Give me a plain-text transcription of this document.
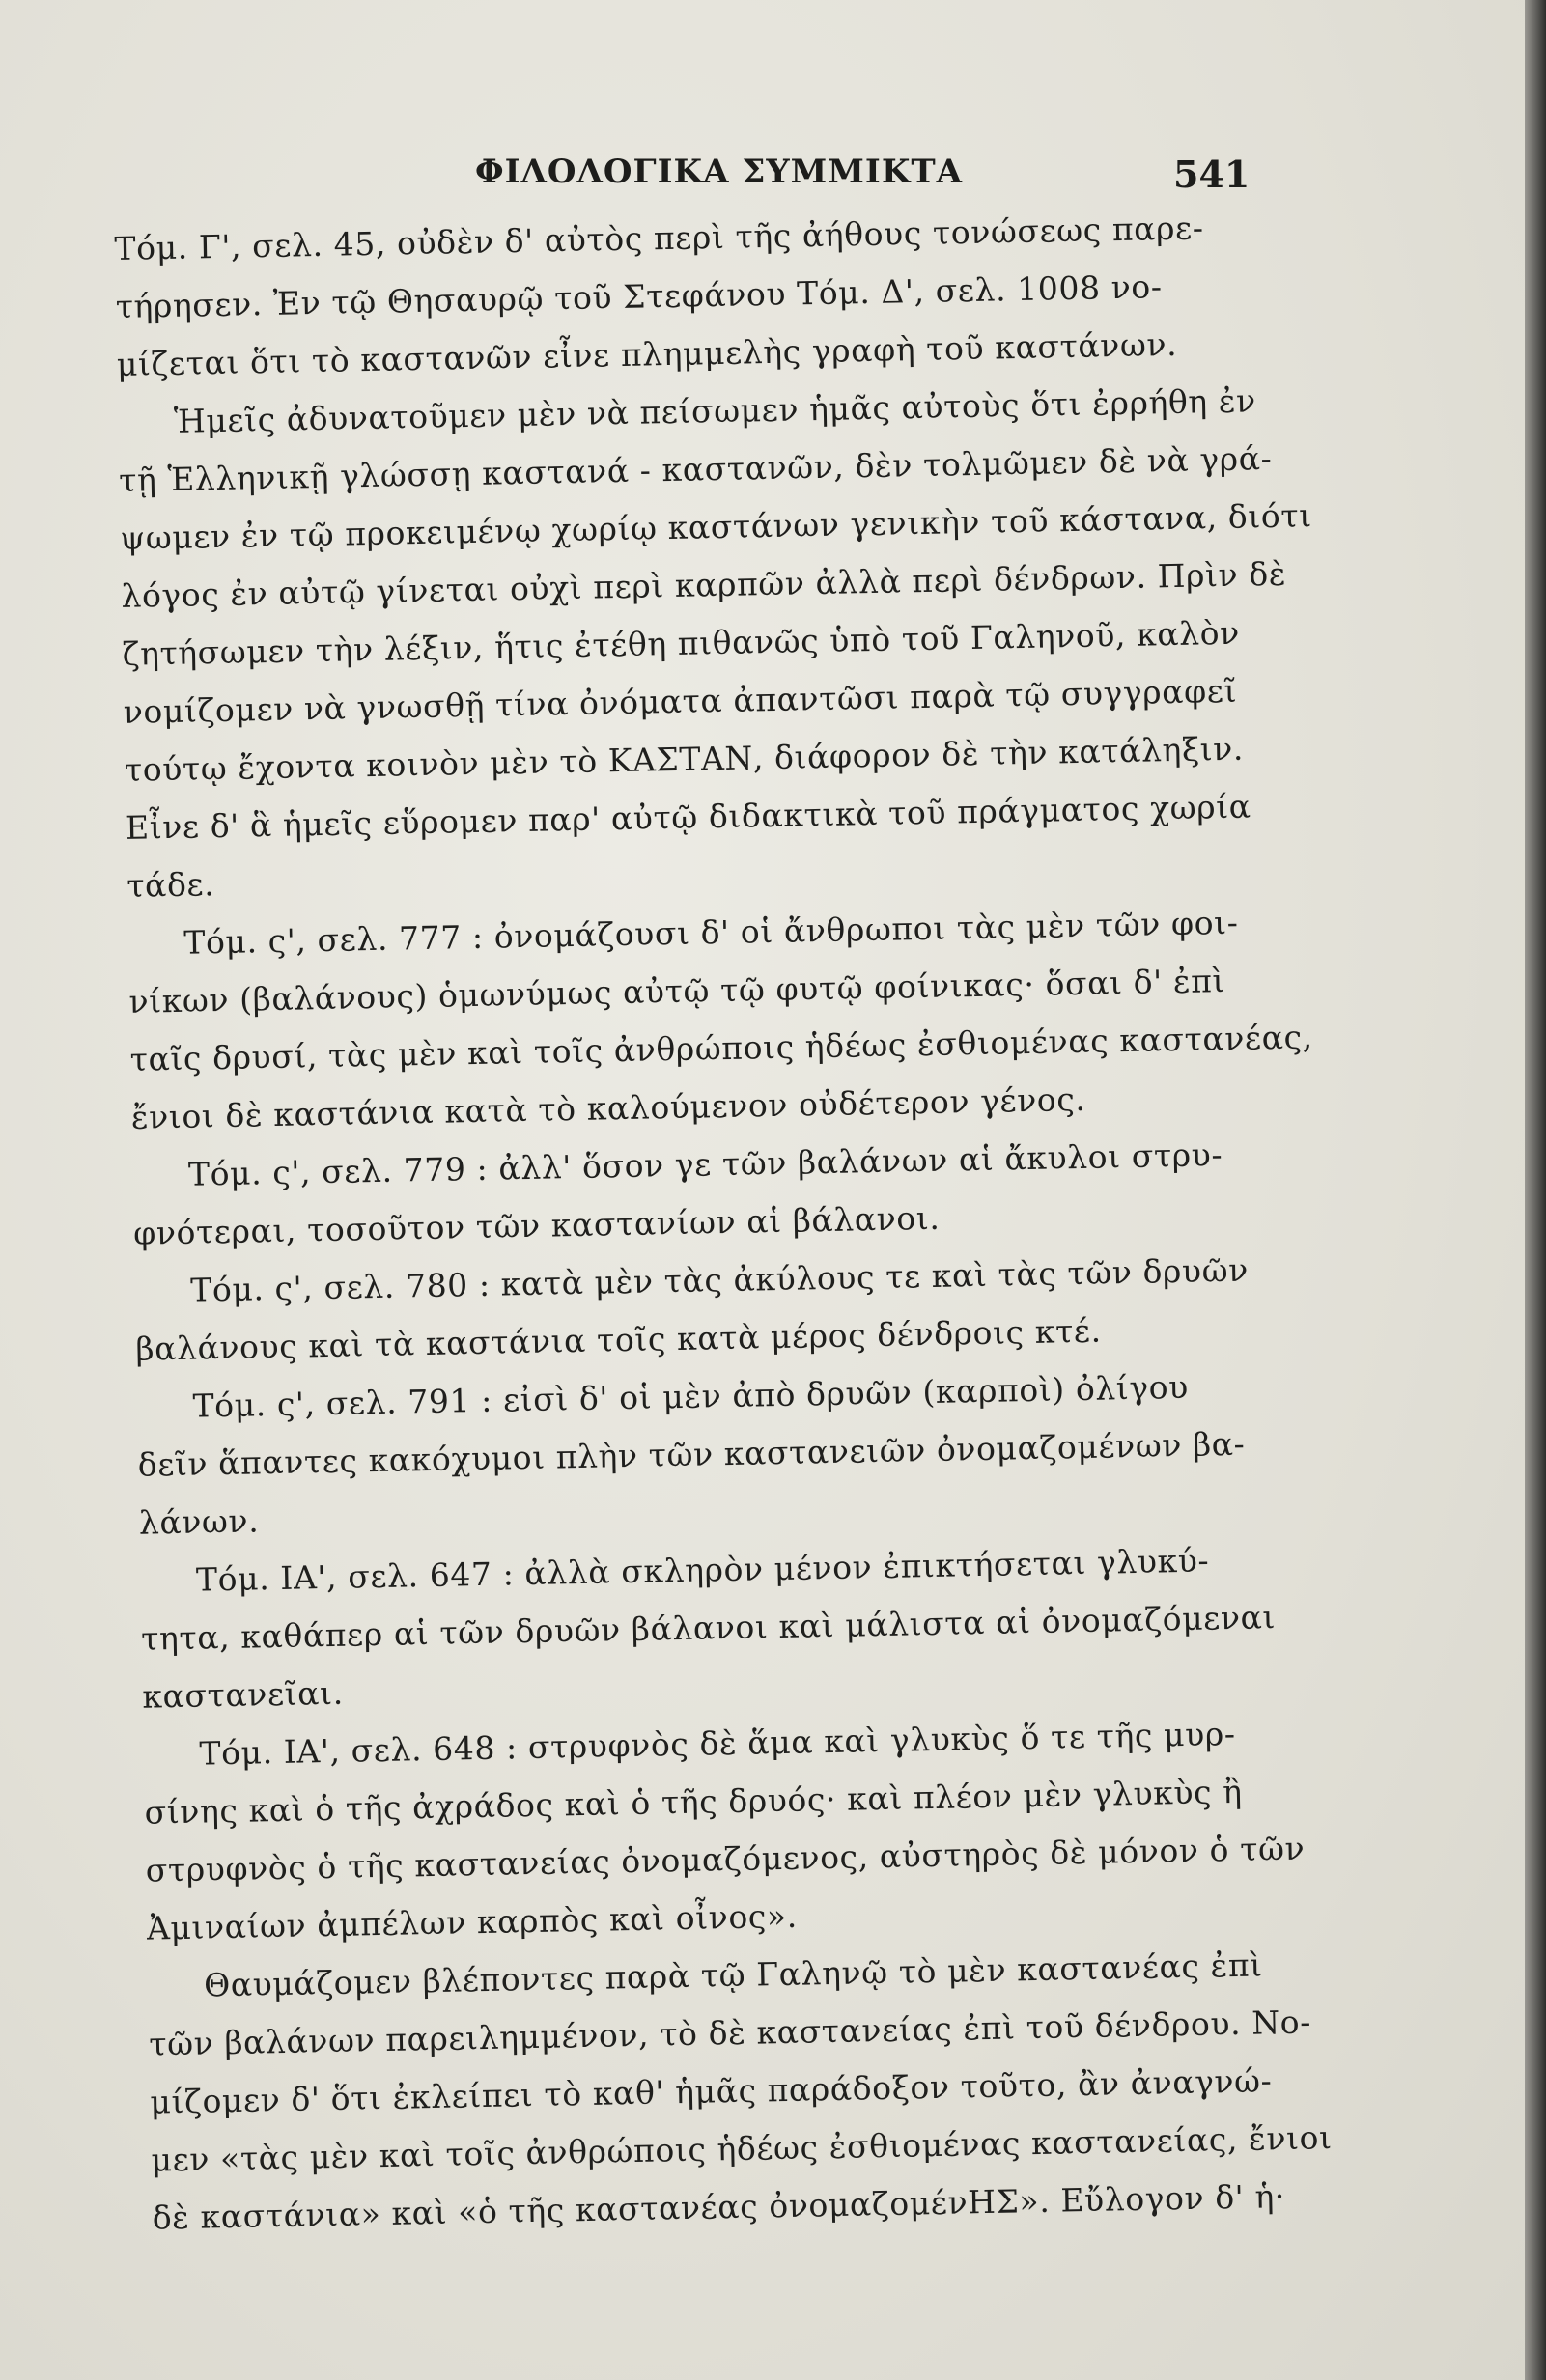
ΦΙΛΟΛΟΓΙΚΑ ΣΥΜΜΙΚΤΑ	541
Τόμ. Γ', σελ. 45, οὐδὲν δ' αὐτὸς περὶ τῆς ἀήθους τονώσεως παρε-
τήρησεν. Ἐν τῷ Θησαυρῷ τοῦ Στεφάνου Τόμ. Δ', σελ. 1008 νο-
μίζεται ὅτι τὸ καστανῶν εἶνε πλημμελὴς γραφὴ τοῦ καστάνων.
Ἡμεῖς ἀδυνατοῦμεν μὲν νὰ πείσωμεν ἡμᾶς αὐτοὺς ὅτι ἐρρήθη ἐν
τῇ Ἑλληνικῇ γλώσσῃ καστανά - καστανῶν, δὲν τολμῶμεν δὲ νὰ γρά-
ψωμεν ἐν τῷ προκειμένῳ χωρίῳ καστάνων γενικὴν τοῦ κάστανα, διότι
λόγος ἐν αὐτῷ γίνεται οὐχὶ περὶ καρπῶν ἀλλὰ περὶ δένδρων. Πρὶν δὲ
ζητήσωμεν τὴν λέξιν, ἥτις ἐτέθη πιθανῶς ὑπὸ τοῦ Γαληνοῦ, καλὸν
νομίζομεν νὰ γνωσθῇ τίνα ὀνόματα ἀπαντῶσι παρὰ τῷ συγγραφεῖ
τούτῳ ἔχοντα κοινὸν μὲν τὸ ΚΑΣΤΑΝ, διάφορον δὲ τὴν κατάληξιν.
Εἶνε δ' ἃ ἡμεῖς εὕρομεν παρ' αὐτῷ διδακτικὰ τοῦ πράγματος χωρία
τάδε.
Τόμ. ς', σελ. 777 : ὀνομάζουσι δ' οἱ ἄνθρωποι τὰς μὲν τῶν φοι-
νίκων (βαλάνους) ὁμωνύμως αὐτῷ τῷ φυτῷ φοίνικας· ὅσαι δ' ἐπὶ
ταῖς δρυσί, τὰς μὲν καὶ τοῖς ἀνθρώποις ἡδέως ἐσθιομένας καστανέας,
ἔνιοι δὲ καστάνια κατὰ τὸ καλούμενον οὐδέτερον γένος.
Τόμ. ς', σελ. 779 : ἀλλ' ὅσον γε τῶν βαλάνων αἱ ἄκυλοι στρυ-
φνότεραι, τοσοῦτον τῶν καστανίων αἱ βάλανοι.
Τόμ. ς', σελ. 780 : κατὰ μὲν τὰς ἀκύλους τε καὶ τὰς τῶν δρυῶν
βαλάνους καὶ τὰ καστάνια τοῖς κατὰ μέρος δένδροις κτέ.
Τόμ. ς', σελ. 791 : εἰσὶ δ' οἱ μὲν ἀπὸ δρυῶν (καρποὶ) ὀλίγου
δεῖν ἅπαντες κακόχυμοι πλὴν τῶν καστανειῶν ὀνομαζομένων βα-
λάνων.
Τόμ. ΙΑ', σελ. 647 : ἀλλὰ σκληρὸν μένον ἐπικτήσεται γλυκύ-
τητα, καθάπερ αἱ τῶν δρυῶν βάλανοι καὶ μάλιστα αἱ ὀνομαζόμεναι
καστανεῖαι.
Τόμ. ΙΑ', σελ. 648 : στρυφνὸς δὲ ἅμα καὶ γλυκὺς ὅ τε τῆς μυρ-
σίνης καὶ ὁ τῆς ἀχράδος καὶ ὁ τῆς δρυός· καὶ πλέον μὲν γλυκὺς ἢ
στρυφνὸς ὁ τῆς καστανείας ὀνομαζόμενος, αὐστηρὸς δὲ μόνον ὁ τῶν
Ἀμιναίων ἀμπέλων καρπὸς καὶ οἶνος».
Θαυμάζομεν βλέποντες παρὰ τῷ Γαληνῷ τὸ μὲν καστανέας ἐπὶ
τῶν βαλάνων παρειλημμένον, τὸ δὲ καστανείας ἐπὶ τοῦ δένδρου. Νο-
μίζομεν δ' ὅτι ἐκλείπει τὸ καθ' ἡμᾶς παράδοξον τοῦτο, ἂν ἀναγνώ-
μεν «τὰς μὲν καὶ τοῖς ἀνθρώποις ἡδέως ἐσθιομένας καστανείας, ἔνιοι
δὲ καστάνια» καὶ «ὁ τῆς καστανέας ὀνομαζομένΗΣ». Εὔλογον δ' ἡ·
